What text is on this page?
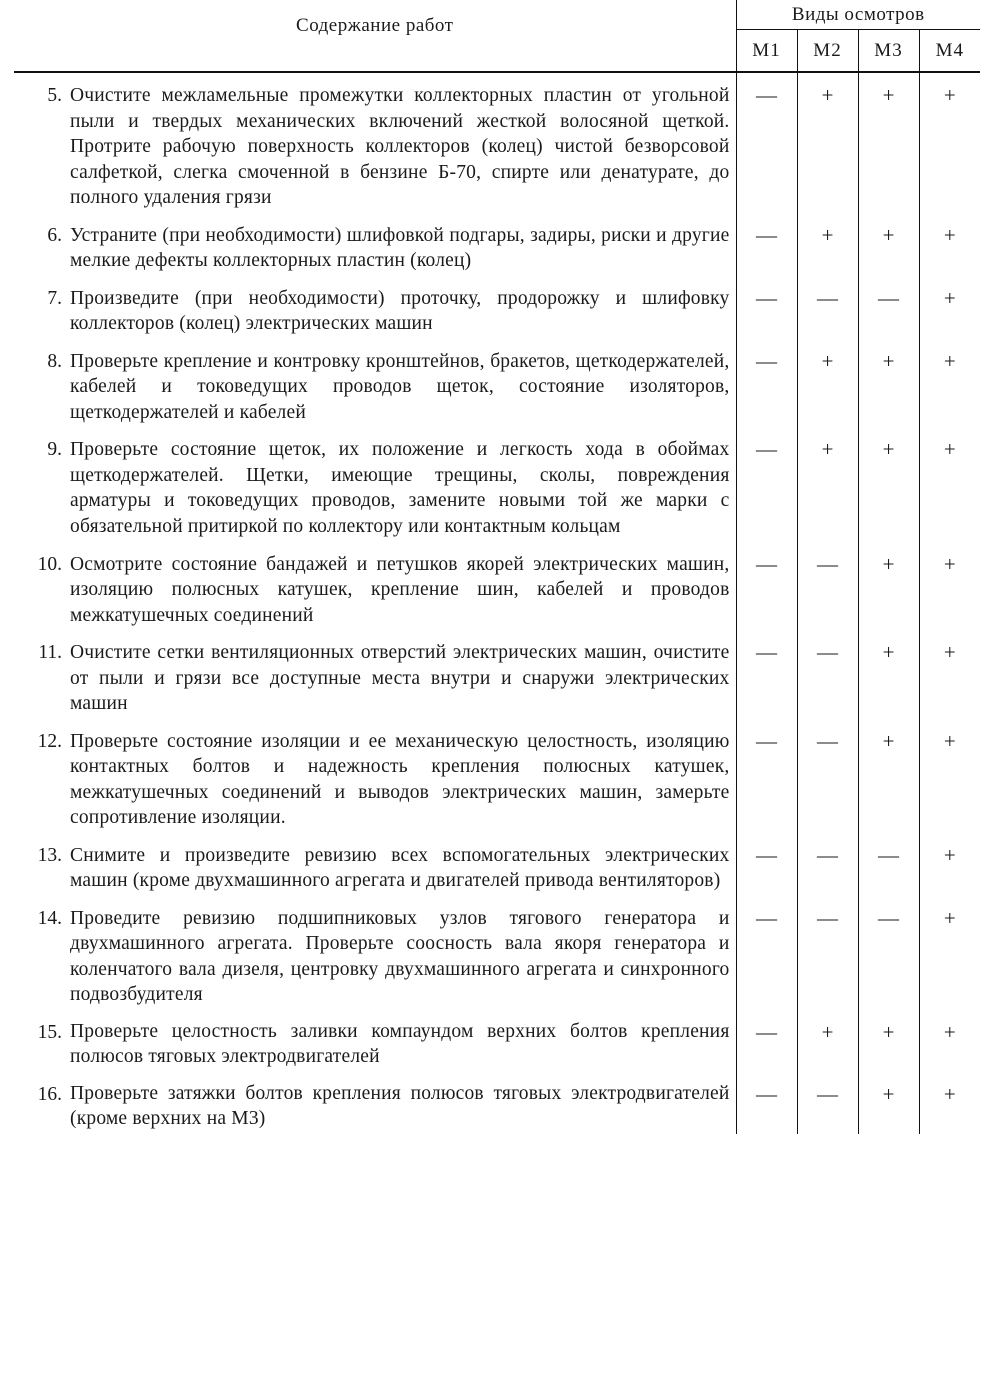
Содержание работ	Виды осмотров			
	М1	М2	М3	М4

5. Очистите межламельные промежутки коллекторных пластин от угольной пыли и твердых механических включений жесткой волосяной щеткой. Протрите рабочую поверхность коллекторов (колец) чистой безворсовой салфеткой, слегка смоченной в бензине Б-70, спирте или денатурате, до полного удаления грязи	—	+	+	+

6. Устраните (при необходимости) шлифовкой подгары, задиры, риски и другие мелкие дефекты коллекторных пластин (колец)	—	+	+	+

7. Произведите (при необходимости) проточку, продорожку и шлифовку коллекторов (колец) электрических машин	—	—	—	+

8. Проверьте крепление и контровку кронштейнов, бракетов, щеткодержателей, кабелей и токоведущих проводов щеток, состояние изоляторов, щеткодержателей и кабелей	—	+	+	+

9. Проверьте состояние щеток, их положение и легкость хода в обоймах щеткодержателей. Щетки, имеющие трещины, сколы, повреждения арматуры и токоведущих проводов, замените новыми той же марки с обязательной притиркой по коллектору или контактным кольцам	—	+	+	+

10. Осмотрите состояние бандажей и петушков якорей электрических машин, изоляцию полюсных катушек, крепление шин, кабелей и проводов межкатушечных соединений	—	—	+	+

11. Очистите сетки вентиляционных отверстий электрических машин, очистите от пыли и грязи все доступные места внутри и снаружи электрических машин	—	—	+	+

12. Проверьте состояние изоляции и ее механическую целостность, изоляцию контактных болтов и надежность крепления полюсных катушек, межкатушечных соединений и выводов электрических машин, замерьте сопротивление изоляции.	—	—	+	+

13. Снимите и произведите ревизию всех вспомогательных электрических машин (кроме двухмашинного агрегата и двигателей привода вентиляторов)	—	—	—	+

14. Проведите ревизию подшипниковых узлов тягового генератора и двухмашинного агрегата. Проверьте соосность вала якоря генератора и коленчатого вала дизеля, центровку двухмашинного агрегата и синхронного подвозбудителя	—	—	—	+

15. Проверьте целостность заливки компаундом верхних болтов крепления полюсов тяговых электродвигателей	—	+	+	+

16. Проверьте затяжки болтов крепления полюсов тяговых электродвигателей (кроме верхних на М3)	—	—	+	+
